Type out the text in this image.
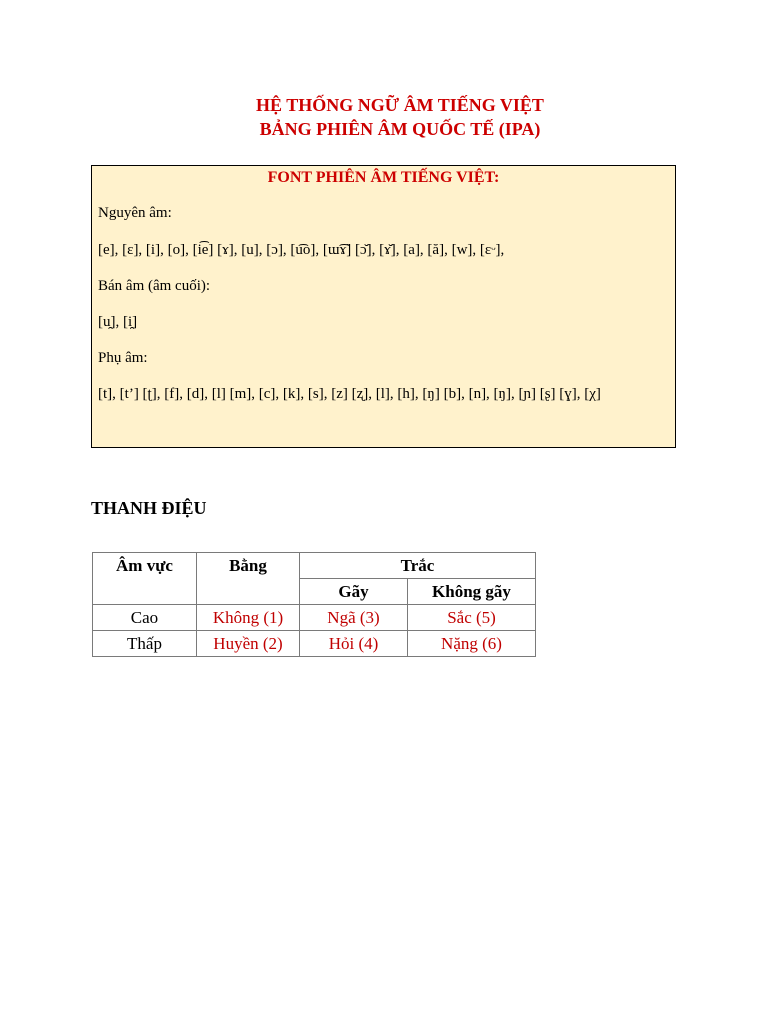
HỆ THỐNG NGỮ ÂM TIẾNG VIỆT
BẢNG PHIÊN ÂM QUỐC TẾ (IPA)
FONT PHIÊN ÂM TIẾNG VIỆT:
Nguyên âm:
[e], [ɛ], [i], [o], [i͡e] [ɤ], [u], [ɔ], [u͡o], [ɯ͡ɤ] [ɔ̆], [ɤ̆], [a], [ă], [w], [ɛᵕ],
Bán âm (âm cuối):
[u̯], [i̯]
Phụ âm:
[t], [t’] [ʈ], [f], [d], [l] [m], [c], [k], [s], [z] [ʐ], [l], [h], [ŋ] [b], [n], [ŋ], [ɲ] [ʂ] [ɣ], [χ]
THANH ĐIỆU
Âm vực	Bằng	Trắc	
		Gãy	Không gãy
Cao	Không (1)	Ngã (3)	Sắc (5)
Thấp	Huyền (2)	Hỏi (4)	Nặng (6)
